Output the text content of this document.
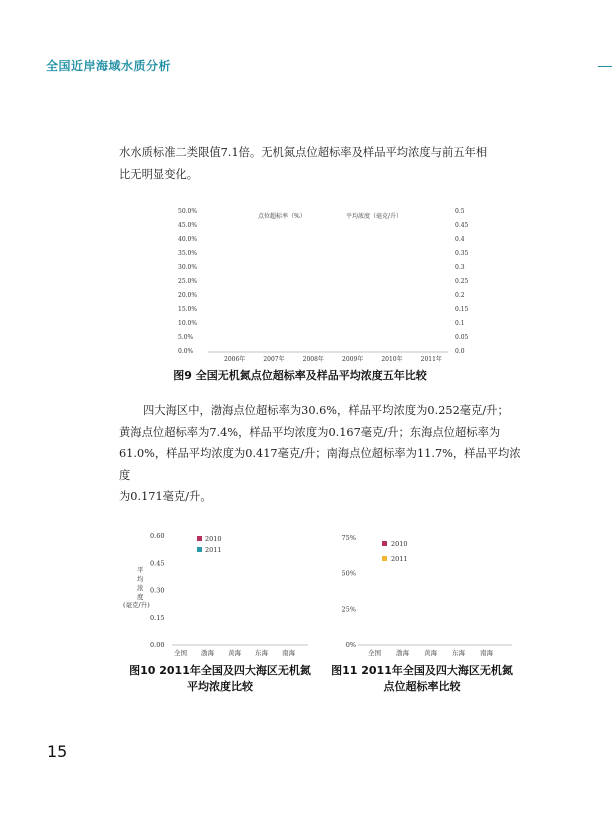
全国近岸海域水质分析
水水质标准二类限值7.1倍。无机氮点位超标率及样品平均浓度与前五年相
比无明显变化。
50.0%
45.0%
40.0%
35.0%
30.0%
25.0%
20.0%
15.0%
10.0%
5.0%
0.0%
0.5
0.45
0.4
0.35
0.3
0.25
0.2
0.15
0.1
0.05
0.0
2006年	2007年	2008年	2009年	2010年	2011年
点位超标率（%）	平均浓度（毫克/升）
图9 全国无机氮点位超标率及样品平均浓度五年比较
四大海区中，渤海点位超标率为30.6%，样品平均浓度为0.252毫克/升；
黄海点位超标率为7.4%，样品平均浓度为0.167毫克/升；东海点位超标率为
61.0%，样品平均浓度为0.417毫克/升；南海点位超标率为11.7%，样品平均浓度
为0.171毫克/升。
0.60
0.45
0.30
0.15
0.00
平
均
浓
度
(毫克/升)
全国 渤海 黄海 东海 南海
2010
2011
图10 2011年全国及四大海区无机氮
平均浓度比较
75%
50%
25%
0%
全国 渤海 黄海 东海 南海
2010
2011
图11 2011年全国及四大海区无机氮
点位超标率比较
15
